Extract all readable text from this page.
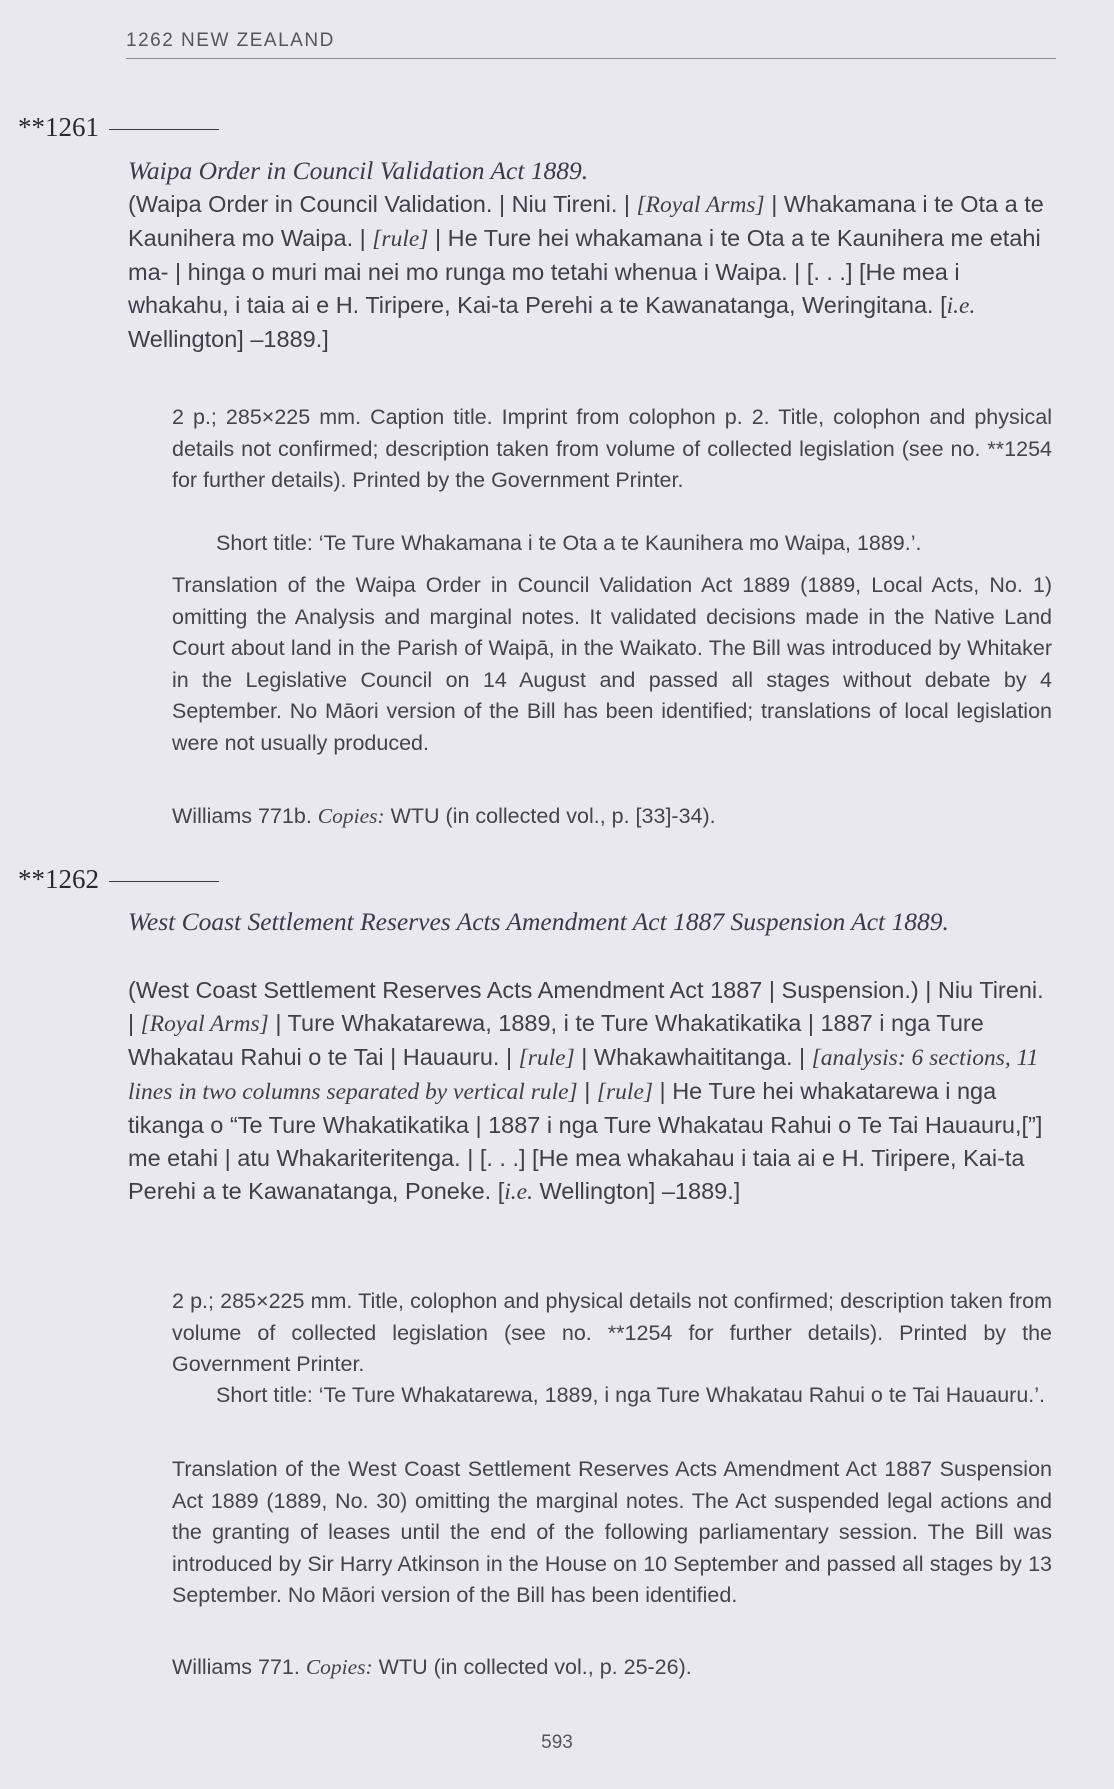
1262 NEW ZEALAND
**1261
Waipa Order in Council Validation Act 1889.
(Waipa Order in Council Validation. | Niu Tireni. | [Royal Arms] | Whakamana i te Ota a te Kaunihera mo Waipa. | [rule] | He Ture hei whakamana i te Ota a te Kaunihera me etahi ma- | hinga o muri mai nei mo runga mo tetahi whenua i Waipa. | [. . .] [He mea i whakahu, i taia ai e H. Tiripere, Kai-ta Perehi a te Kawanatanga, Weringitana. [i.e. Wellington] –1889.]
2 p.; 285×225 mm. Caption title. Imprint from colophon p. 2. Title, colophon and physical details not confirmed; description taken from volume of collected legislation (see no. **1254 for further details). Printed by the Government Printer.
Short title: ‘Te Ture Whakamana i te Ota a te Kaunihera mo Waipa, 1889.’.
Translation of the Waipa Order in Council Validation Act 1889 (1889, Local Acts, No. 1) omitting the Analysis and marginal notes. It validated decisions made in the Native Land Court about land in the Parish of Waipā, in the Waikato. The Bill was introduced by Whitaker in the Legislative Council on 14 August and passed all stages without debate by 4 September. No Māori version of the Bill has been identified; translations of local legislation were not usually produced.
Williams 771b. Copies: WTU (in collected vol., p. [33]-34).
**1262
West Coast Settlement Reserves Acts Amendment Act 1887 Suspension Act 1889.
(West Coast Settlement Reserves Acts Amendment Act 1887 | Suspension.) | Niu Tireni. | [Royal Arms] | Ture Whakatarewa, 1889, i te Ture Whakatikatika | 1887 i nga Ture Whakatau Rahui o te Tai | Hauauru. | [rule] | Whakawhaititanga. | [analysis: 6 sections, 11 lines in two columns separated by vertical rule] | [rule] | He Ture hei whakatarewa i nga tikanga o “Te Ture Whakatikatika | 1887 i nga Ture Whakatau Rahui o Te Tai Hauauru,[”] me etahi | atu Whakariteritenga. | [. . .] [He mea whakahau i taia ai e H. Tiripere, Kai-ta Perehi a te Kawanatanga, Poneke. [i.e. Wellington] –1889.]
2 p.; 285×225 mm. Title, colophon and physical details not confirmed; description taken from volume of collected legislation (see no. **1254 for further details). Printed by the Government Printer.
Short title: ‘Te Ture Whakatarewa, 1889, i nga Ture Whakatau Rahui o te Tai Hauauru.’.
Translation of the West Coast Settlement Reserves Acts Amendment Act 1887 Suspension Act 1889 (1889, No. 30) omitting the marginal notes. The Act suspended legal actions and the granting of leases until the end of the following parliamentary session. The Bill was introduced by Sir Harry Atkinson in the House on 10 September and passed all stages by 13 September. No Māori version of the Bill has been identified.
Williams 771. Copies: WTU (in collected vol., p. 25-26).
593
